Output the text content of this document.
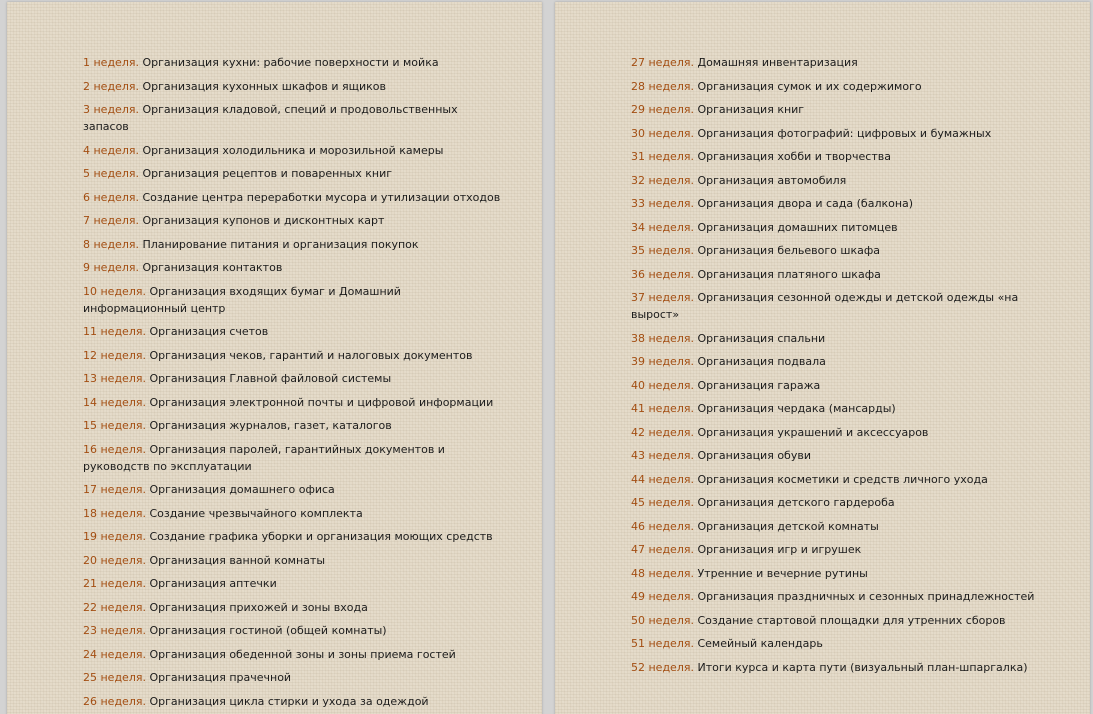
1 неделя. Организация кухни: рабочие поверхности и мойка
2 неделя. Организация кухонных шкафов и ящиков
3 неделя. Организация кладовой, специй и продовольственных запасов
4 неделя. Организация холодильника и морозильной камеры
5 неделя. Организация рецептов и поваренных книг
6 неделя. Создание центра переработки мусора и утилизации отходов
7 неделя. Организация купонов и дисконтных карт
8 неделя. Планирование питания и организация покупок
9 неделя. Организация контактов
10 неделя. Организация входящих бумаг и Домашний информационный центр
11 неделя. Организация счетов
12 неделя. Организация чеков, гарантий и налоговых документов
13 неделя. Организация Главной файловой системы
14 неделя. Организация электронной почты и цифровой информации
15 неделя. Организация журналов, газет, каталогов
16 неделя. Организация паролей, гарантийных документов и руководств по эксплуатации
17 неделя. Организация домашнего офиса
18 неделя. Создание чрезвычайного комплекта
19 неделя. Создание графика уборки и организация моющих средств
20 неделя. Организация ванной комнаты
21 неделя. Организация аптечки
22 неделя. Организация прихожей и зоны входа
23 неделя. Организация гостиной (общей комнаты)
24 неделя. Организация обеденной зоны и зоны приема гостей
25 неделя. Организация прачечной
26 неделя. Организация цикла стирки и ухода за одеждой
27 неделя. Домашняя инвентаризация
28 неделя. Организация сумок и их содержимого
29 неделя. Организация книг
30 неделя. Организация фотографий: цифровых и бумажных
31 неделя. Организация хобби и творчества
32 неделя. Организация автомобиля
33 неделя. Организация двора и сада (балкона)
34 неделя. Организация домашних питомцев
35 неделя. Организация бельевого шкафа
36 неделя. Организация платяного шкафа
37 неделя. Организация сезонной одежды и детской одежды «на вырост»
38 неделя. Организация спальни
39 неделя. Организация подвала
40 неделя. Организация гаража
41 неделя. Организация чердака (мансарды)
42 неделя. Организация украшений и аксессуаров
43 неделя. Организация обуви
44 неделя. Организация косметики и средств личного ухода
45 неделя. Организация детского гардероба
46 неделя. Организация детской комнаты
47 неделя. Организация игр и игрушек
48 неделя. Утренние и вечерние рутины
49 неделя. Организация праздничных и сезонных принадлежностей
50 неделя. Создание стартовой площадки для утренних сборов
51 неделя. Семейный календарь
52 неделя. Итоги курса и карта пути (визуальный план-шпаргалка)
